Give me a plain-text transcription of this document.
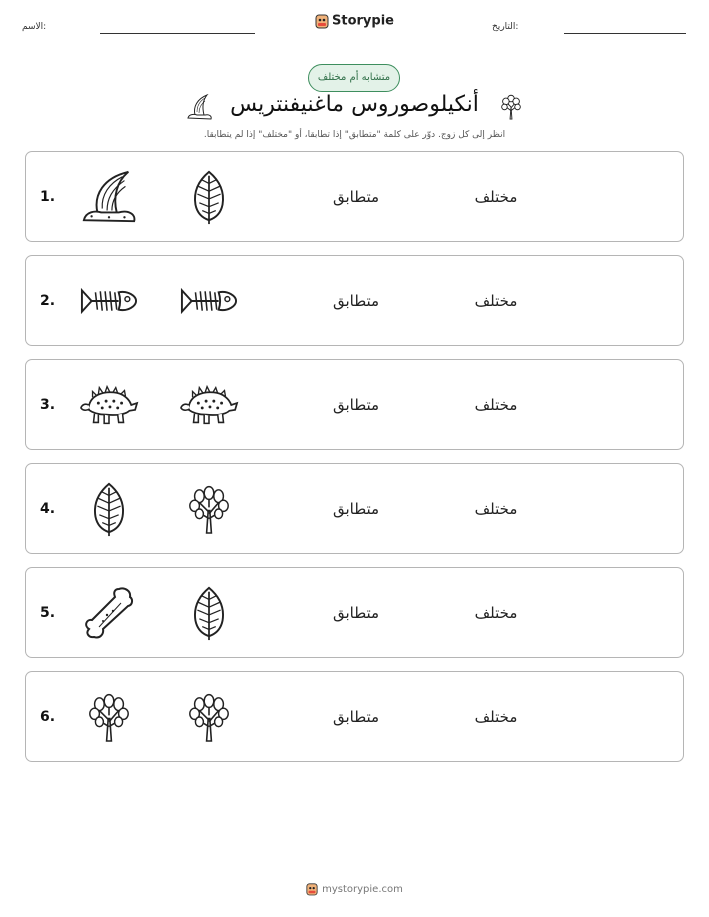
الاسم:	Storypie	التاريخ:
متشابه أم مختلف
أنكيلوصوروس ماغنيفنتريس
انظر إلى كل زوج. دوّر على كلمة "متطابق" إذا تطابقا، أو "مختلف" إذا لم يتطابقا.
1.	متطابق	مختلف
2.	متطابق	مختلف
3.	متطابق	مختلف
4.	متطابق	مختلف
5.	متطابق	مختلف
6.	متطابق	مختلف
mystorypie.com
